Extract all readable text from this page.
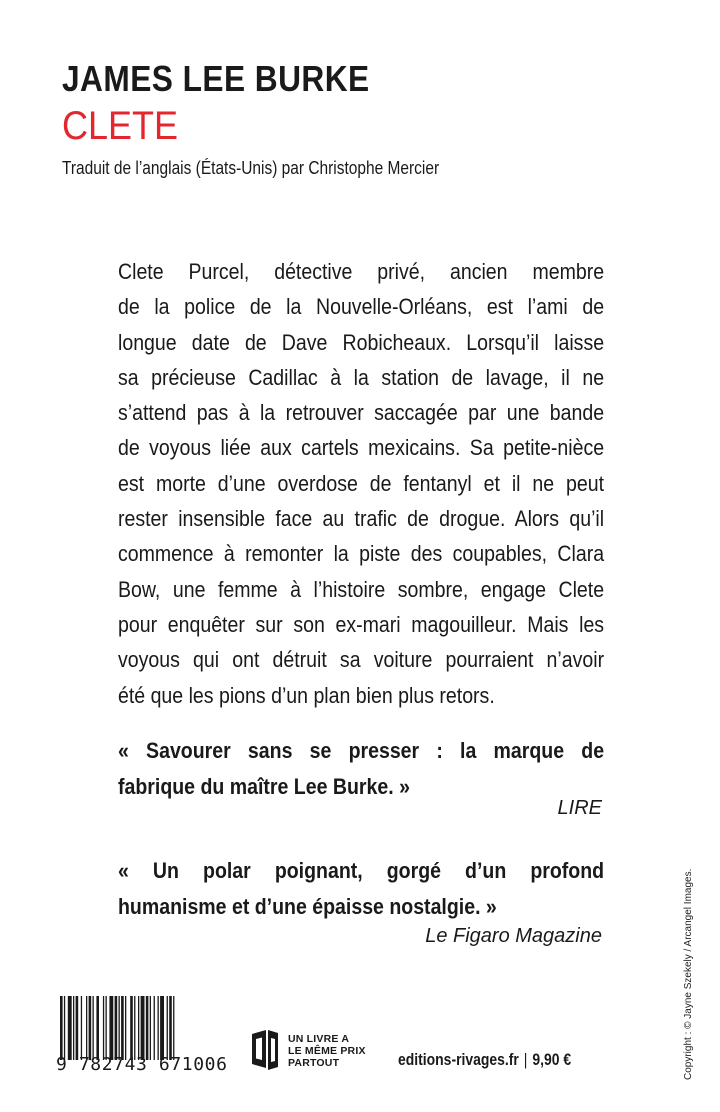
JAMES LEE BURKE
CLETE
Traduit de l’anglais (États-Unis) par Christophe Mercier
Clete Purcel, détective privé, ancien membre
de la police de la Nouvelle-Orléans, est l’ami de
longue date de Dave Robicheaux. Lorsqu’il laisse
sa précieuse Cadillac à la station de lavage, il ne
s’attend pas à la retrouver saccagée par une bande
de voyous liée aux cartels mexicains. Sa petite-nièce
est morte d’une overdose de fentanyl et il ne peut
rester insensible face au trafic de drogue. Alors qu’il
commence à remonter la piste des coupables, Clara
Bow, une femme à l’histoire sombre, engage Clete
pour enquêter sur son ex-mari magouilleur. Mais les
voyous qui ont détruit sa voiture pourraient n’avoir
été que les pions d’un plan bien plus retors.
« Savourer sans se presser : la marque de
fabrique du maître Lee Burke. »
LIRE
« Un polar poignant, gorgé d’un profond
humanisme et d’une épaisse nostalgie. »
Le Figaro Magazine
9 782743 671006
UN LIVRE A
LE MÊME PRIX
PARTOUT	editions-rivages.fr | 9,90 €	Copyright : © Jayne Szekely / Arcangel Images.
